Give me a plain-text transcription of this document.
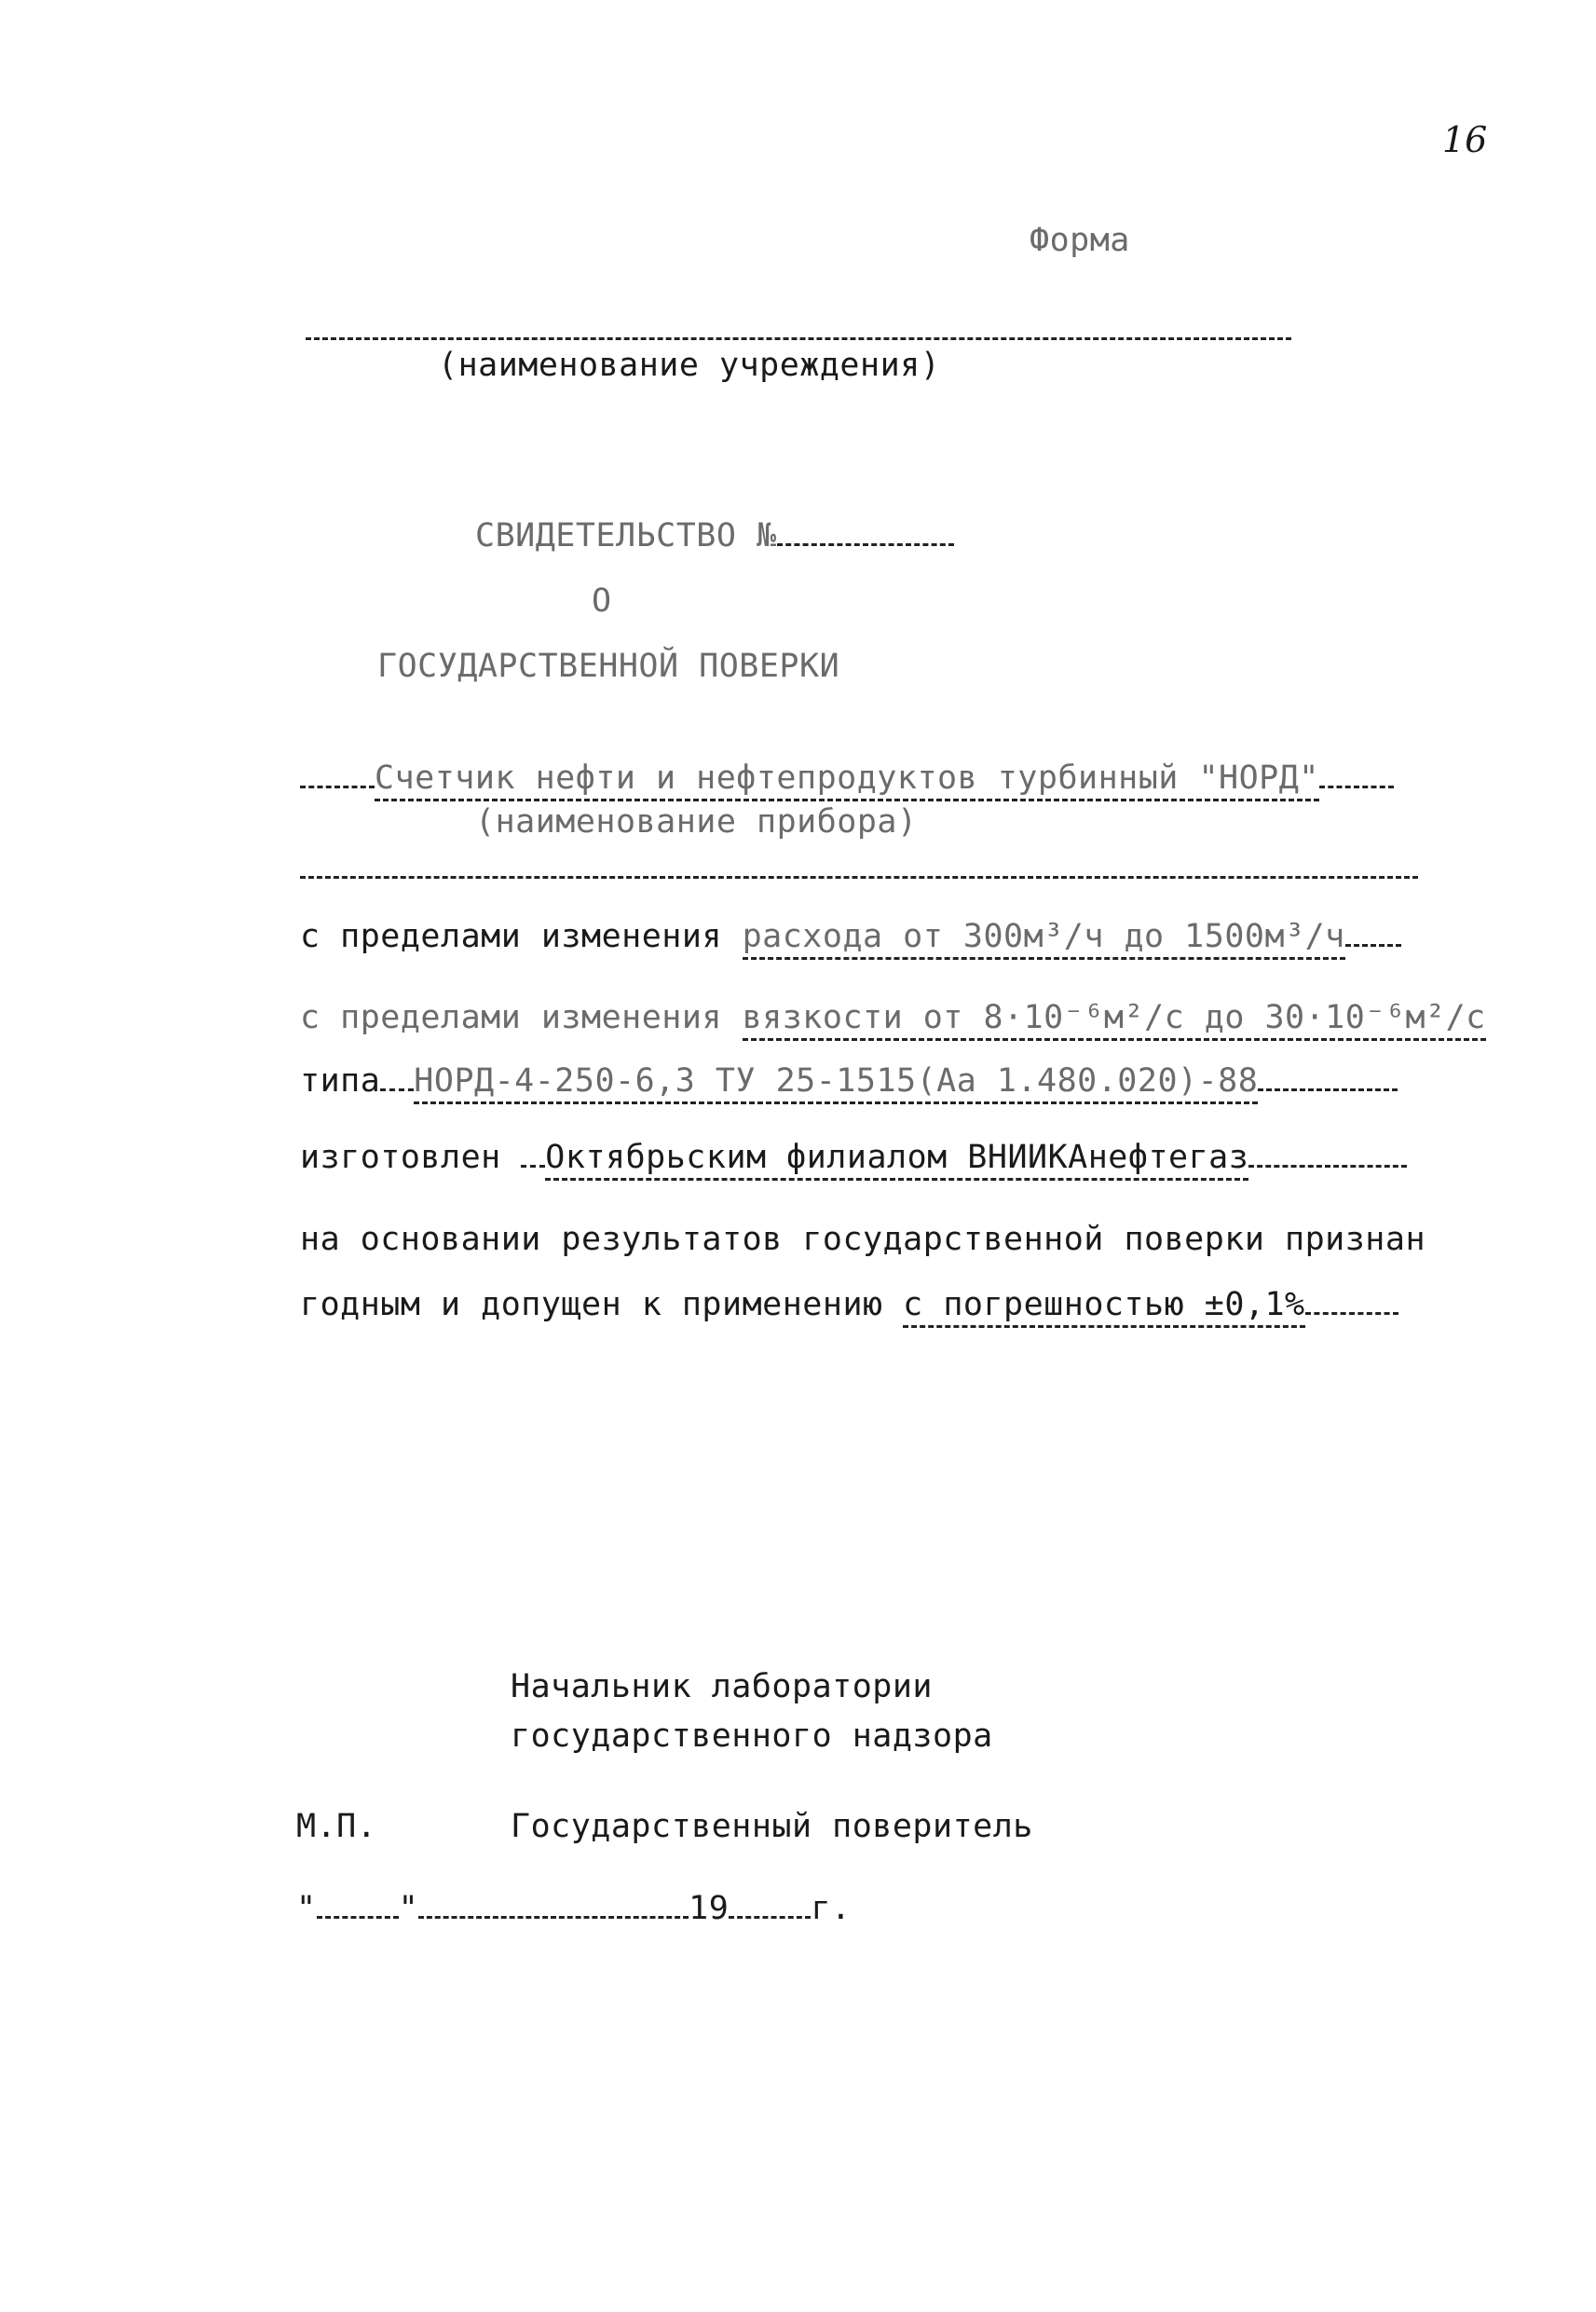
16
Форма
(наименование учреждения)
СВИДЕТЕЛЬСТВО №
О
ГОСУДАРСТВЕННОЙ ПОВЕРКИ
Счетчик нефти и нефтепродуктов турбинный "НОРД"
(наименование прибора)
с пределами изменения расхода от 300м³/ч до 1500м³/ч
с пределами изменения вязкости от 8·10⁻⁶м²/с до 30·10⁻⁶м²/с
типа НОРД-4-250-6,3 ТУ 25-1515(Аа 1.480.020)-88
изготовлен Октябрьским филиалом ВНИИКАнефтегаз
на основании результатов государственной поверки признан
годным и допущен к применению с погрешностью ±0,1%
Начальник лаборатории
государственного надзора
М.П.	Государственный поверитель
"	"	19	г.
